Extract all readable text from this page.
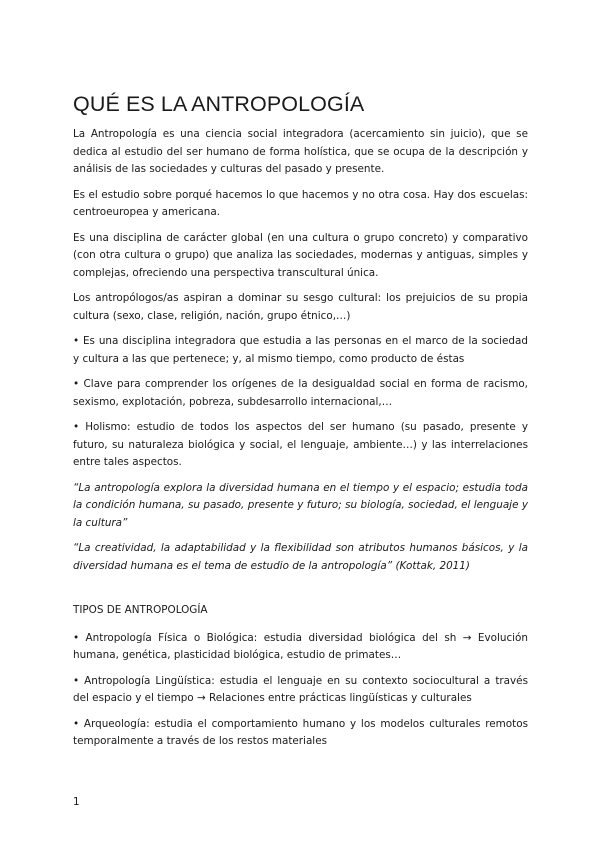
QUÉ ES LA ANTROPOLOGÍA

La Antropología es una ciencia social integradora (acercamiento sin juicio), que se dedica al estudio del ser humano de forma holística, que se ocupa de la descripción y análisis de las sociedades y culturas del pasado y presente.

Es el estudio sobre porqué hacemos lo que hacemos y no otra cosa. Hay dos escuelas: centroeuropea y americana.

Es una disciplina de carácter global (en una cultura o grupo concreto) y comparativo (con otra cultura o grupo) que analiza las sociedades, modernas y antiguas, simples y complejas, ofreciendo una perspectiva transcultural única.

Los antropólogos/as aspiran a dominar su sesgo cultural: los prejuicios de su propia cultura (sexo, clase, religión, nación, grupo étnico,…)

• Es una disciplina integradora que estudia a las personas en el marco de la sociedad y cultura a las que pertenece; y, al mismo tiempo, como producto de éstas

• Clave para comprender los orígenes de la desigualdad social en forma de racismo, sexismo, explotación, pobreza, subdesarrollo internacional,…

• Holismo: estudio de todos los aspectos del ser humano (su pasado, presente y futuro, su naturaleza biológica y social, el lenguaje, ambiente…) y las interrelaciones entre tales aspectos.

“La antropología explora la diversidad humana en el tiempo y el espacio; estudia toda la condición humana, su pasado, presente y futuro; su biología, sociedad, el lenguaje y la cultura”

“La creatividad, la adaptabilidad y la flexibilidad son atributos humanos básicos, y la diversidad humana es el tema de estudio de la antropología” (Kottak, 2011)

TIPOS DE ANTROPOLOGÍA

• Antropología Física o Biológica: estudia diversidad biológica del sh → Evolución humana, genética, plasticidad biológica, estudio de primates…

• Antropología Lingüística: estudia el lenguaje en su contexto sociocultural a través del espacio y el tiempo → Relaciones entre prácticas lingüísticas y culturales

• Arqueología: estudia el comportamiento humano y los modelos culturales remotos temporalmente a través de los restos materiales

1
